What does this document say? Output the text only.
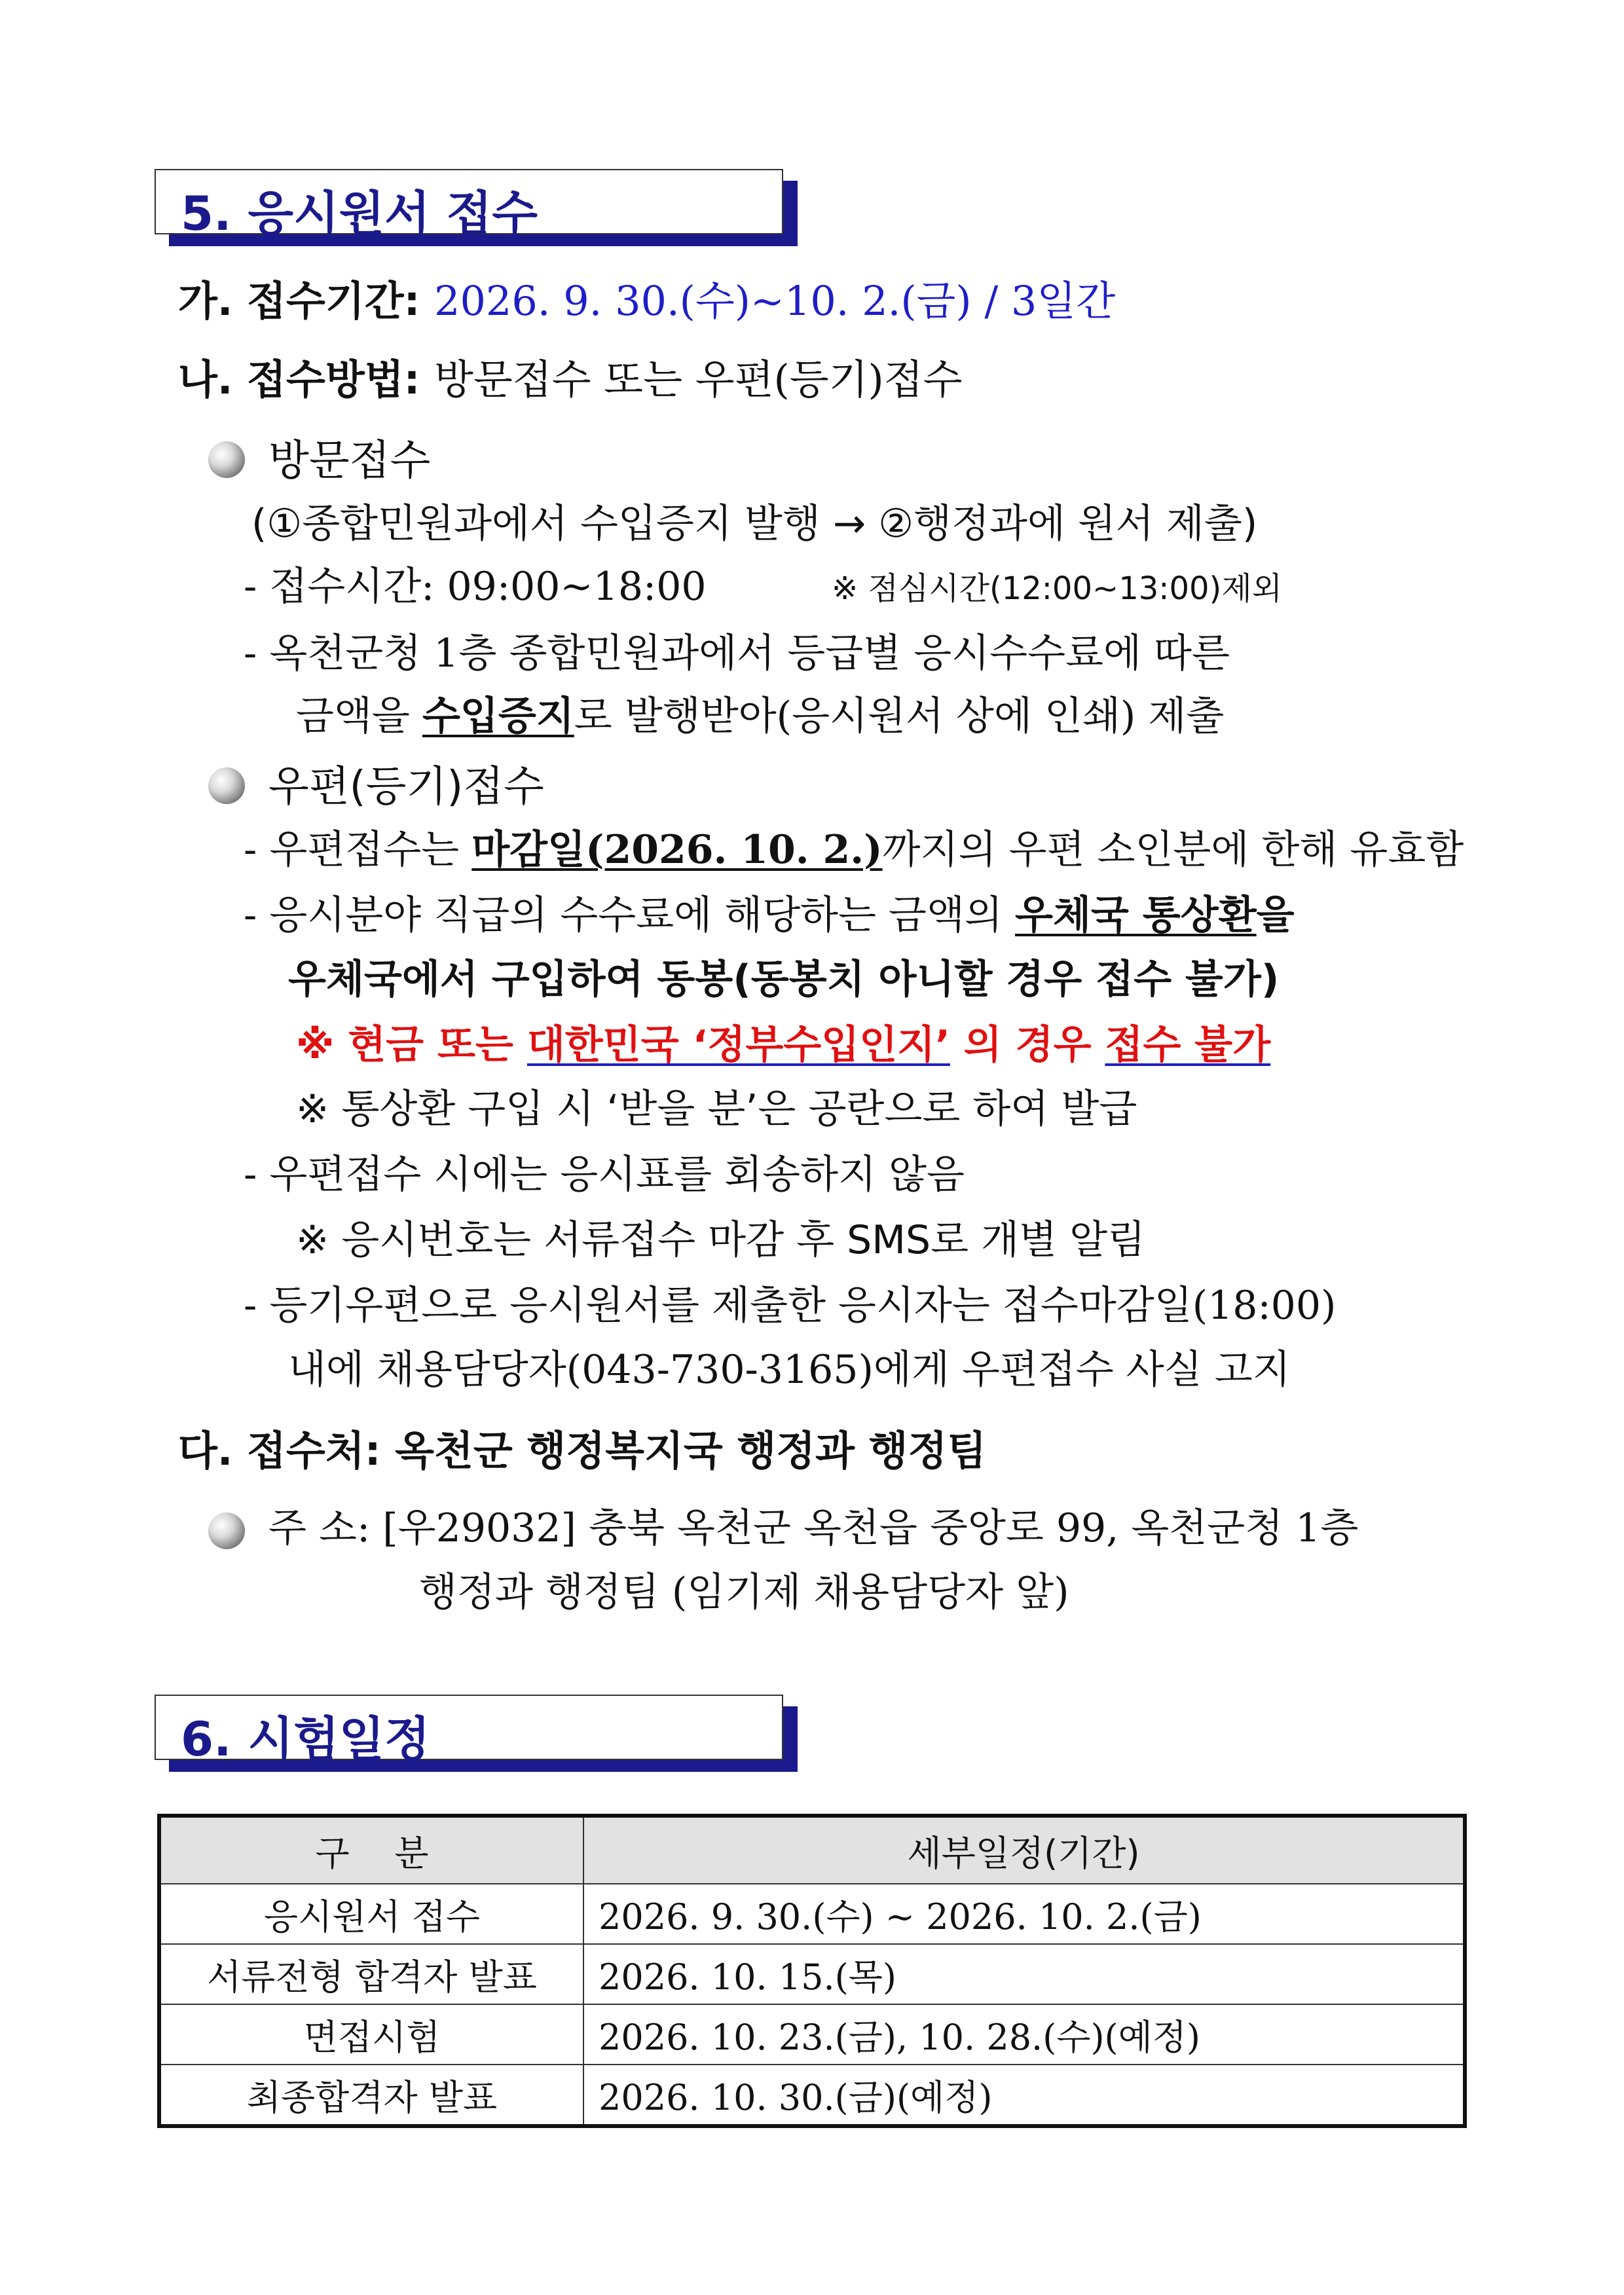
5. 응시원서 접수
가. 접수기간: 2026. 9. 30.(수)~10. 2.(금) / 3일간
나. 접수방법: 방문접수 또는 우편(등기)접수
방문접수
(①종합민원과에서 수입증지 발행 → ②행정과에 원서 제출)
- 접수시간: 09:00~18:00	※ 점심시간(12:00~13:00)제외
- 옥천군청 1층 종합민원과에서 등급별 응시수수료에 따른
금액을 수입증지로 발행받아(응시원서 상에 인쇄) 제출
우편(등기)접수
- 우편접수는 마감일(2026. 10. 2.)까지의 우편 소인분에 한해 유효함
- 응시분야 직급의 수수료에 해당하는 금액의 우체국 통상환을
우체국에서 구입하여 동봉(동봉치 아니할 경우 접수 불가)
※ 현금 또는 대한민국 ‘정부수입인지’ 의 경우 접수 불가
※ 통상환 구입 시 ‘받을 분’은 공란으로 하여 발급
- 우편접수 시에는 응시표를 회송하지 않음
※ 응시번호는 서류접수 마감 후 SMS로 개별 알림
- 등기우편으로 응시원서를 제출한 응시자는 접수마감일(18:00)
내에 채용담당자(043-730-3165)에게 우편접수 사실 고지
다. 접수처: 옥천군 행정복지국 행정과 행정팀
주 소: [우29032] 충북 옥천군 옥천읍 중앙로 99, 옥천군청 1층
행정과 행정팀 (임기제 채용담당자 앞)
6. 시험일정
구    분	세부일정(기간)
응시원서 접수	2026. 9. 30.(수) ~ 2026. 10. 2.(금)
서류전형 합격자 발표	2026. 10. 15.(목)
면접시험	2026. 10. 23.(금), 10. 28.(수)(예정)
최종합격자 발표	2026. 10. 30.(금)(예정)
